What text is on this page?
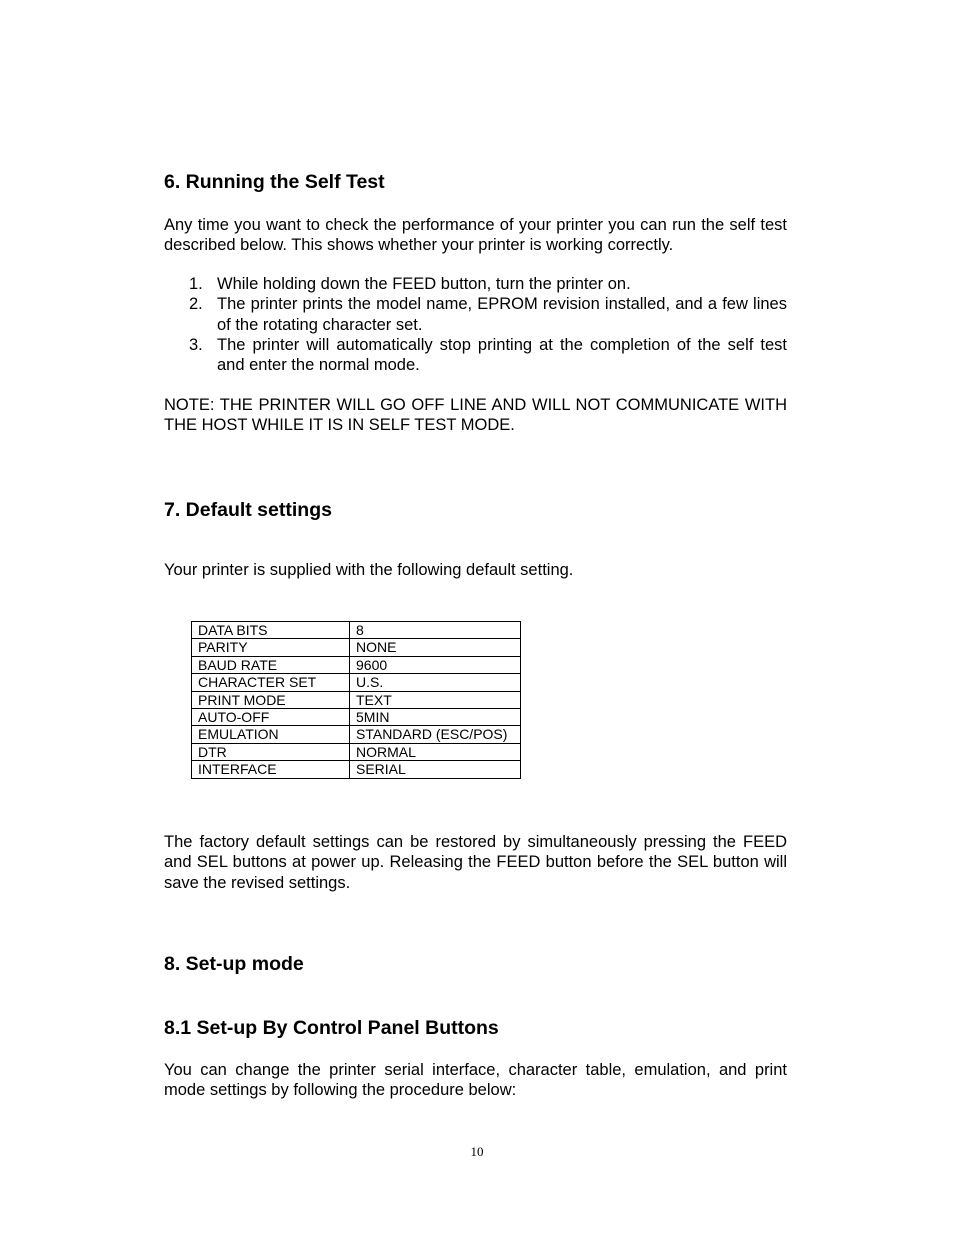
6. Running the Self Test

Any time you want to check the performance of your printer you can run the self test described below. This shows whether your printer is working correctly.

1. While holding down the FEED button, turn the printer on.
2. The printer prints the model name, EPROM revision installed, and a few lines of the rotating character set.
3. The printer will automatically stop printing at the completion of the self test and enter the normal mode.

NOTE: THE PRINTER WILL GO OFF LINE AND WILL NOT COMMUNICATE WITH THE HOST WHILE IT IS IN SELF TEST MODE.

7. Default settings

Your printer is supplied with the following default setting.

DATA BITS	8
PARITY	NONE
BAUD RATE	9600
CHARACTER SET	U.S.
PRINT MODE	TEXT
AUTO-OFF	5MIN
EMULATION	STANDARD (ESC/POS)
DTR	NORMAL
INTERFACE	SERIAL

The factory default settings can be restored by simultaneously pressing the FEED and SEL buttons at power up. Releasing the FEED button before the SEL button will save the revised settings.

8. Set-up mode
8.1 Set-up By Control Panel Buttons

You can change the printer serial interface, character table, emulation, and print mode settings by following the procedure below:

10
